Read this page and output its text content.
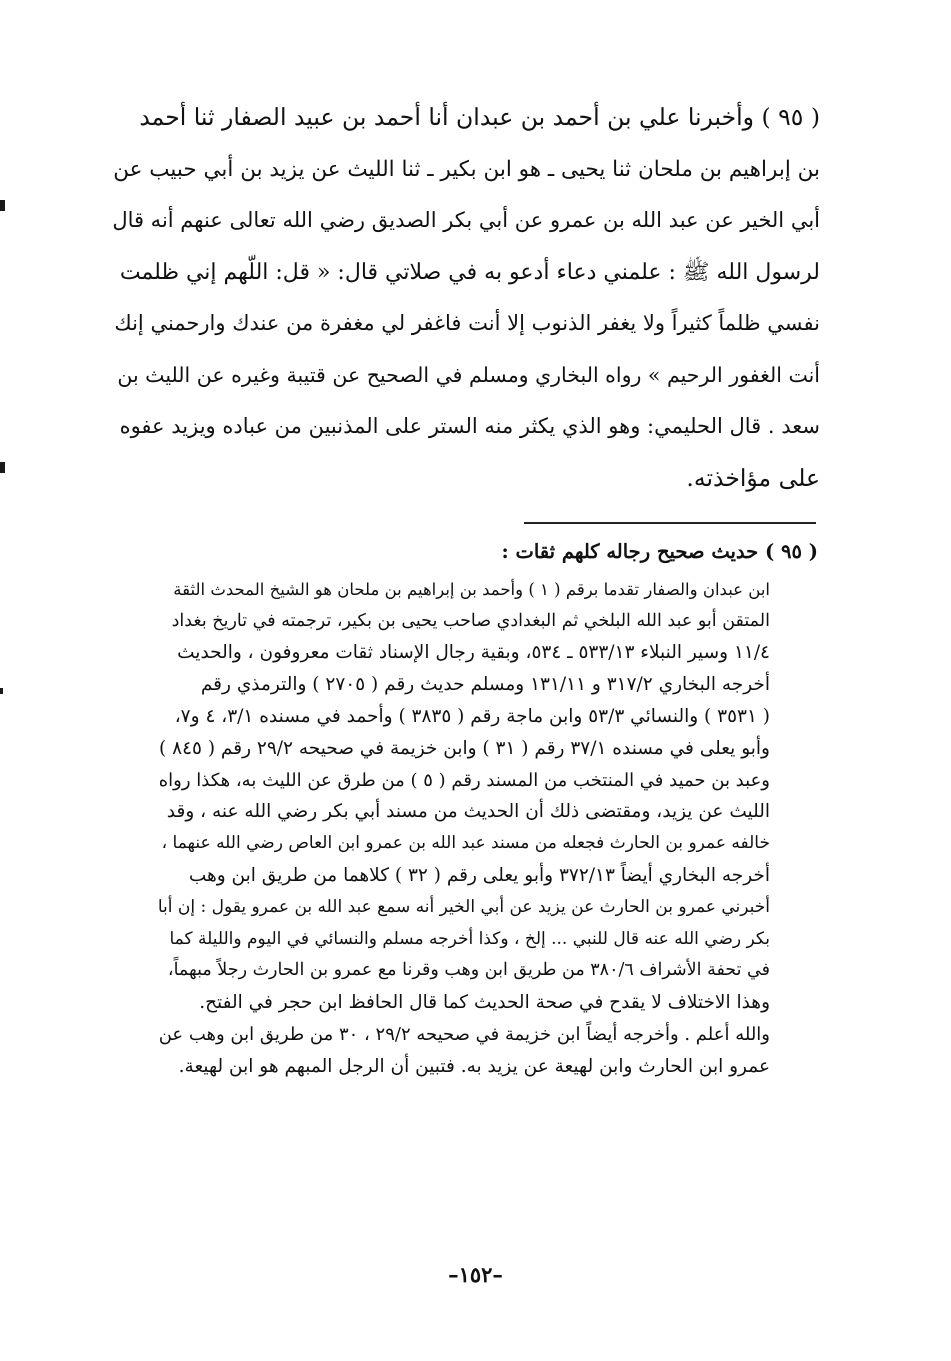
( ٩٥ ) وأخبرنا علي بن أحمد بن عبدان أنا أحمد بن عبيد الصفار ثنا أحمد
بن إبراهيم بن ملحان ثنا يحيى ـ هو ابن بكير ـ ثنا الليث عن يزيد بن أبي حبيب عن
أبي الخير عن عبد الله بن عمرو عن أبي بكر الصديق رضي الله تعالى عنهم أنه قال
لرسول الله ﷺ : علمني دعاء أدعو به في صلاتي قال: « قل: اللّهم إني ظلمت
نفسي ظلماً كثيراً ولا يغفر الذنوب إلا أنت فاغفر لي مغفرة من عندك وارحمني إنك
أنت الغفور الرحيم » رواه البخاري ومسلم في الصحيح عن قتيبة وغيره عن الليث بن
سعد . قال الحليمي: وهو الذي يكثر منه الستر على المذنبين من عباده ويزيد عفوه
على مؤاخذته.
( ٩٥ ) حديث صحيح رجاله كلهم ثقات :
ابن عبدان والصفار تقدما برقم ( ١ ) وأحمد بن إبراهيم بن ملحان هو الشيخ المحدث الثقة
المتقن أبو عبد الله البلخي ثم البغدادي صاحب يحيى بن بكير، ترجمته في تاريخ بغداد
١١/٤ وسير النبلاء ٥٣٣/١٣ ـ ٥٣٤، وبقية رجال الإسناد ثقات معروفون ، والحديث
أخرجه البخاري ٣١٧/٢ و ١٣١/١١ ومسلم حديث رقم ( ٢٧٠٥ ) والترمذي رقم
( ٣٥٣١ ) والنسائي ٥٣/٣ وابن ماجة رقم ( ٣٨٣٥ ) وأحمد في مسنده ٣/١، ٤ و٧،
وأبو يعلى في مسنده ٣٧/١ رقم ( ٣١ ) وابن خزيمة في صحيحه ٢٩/٢ رقم ( ٨٤٥ )
وعبد بن حميد في المنتخب من المسند رقم ( ٥ ) من طرق عن الليث به، هكذا رواه
الليث عن يزيد، ومقتضى ذلك أن الحديث من مسند أبي بكر رضي الله عنه ، وقد
خالفه عمرو بن الحارث فجعله من مسند عبد الله بن عمرو ابن العاص رضي الله عنهما ،
أخرجه البخاري أيضاً ٣٧٢/١٣ وأبو يعلى رقم ( ٣٢ ) كلاهما من طريق ابن وهب
أخبرني عمرو بن الحارث عن يزيد عن أبي الخير أنه سمع عبد الله بن عمرو يقول : إن أبا
بكر رضي الله عنه قال للنبي ... إلخ ، وكذا أخرجه مسلم والنسائي في اليوم والليلة كما
في تحفة الأشراف ٣٨٠/٦ من طريق ابن وهب وقرنا مع عمرو بن الحارث رجلاً مبهماً،
وهذا الاختلاف لا يقدح في صحة الحديث كما قال الحافظ ابن حجر في الفتح.
والله أعلم . وأخرجه أيضاً ابن خزيمة في صحيحه ٢٩/٢ ، ٣٠ من طريق ابن وهب عن
عمرو ابن الحارث وابن لهيعة عن يزيد به. فتبين أن الرجل المبهم هو ابن لهيعة.
–١٥٢–
